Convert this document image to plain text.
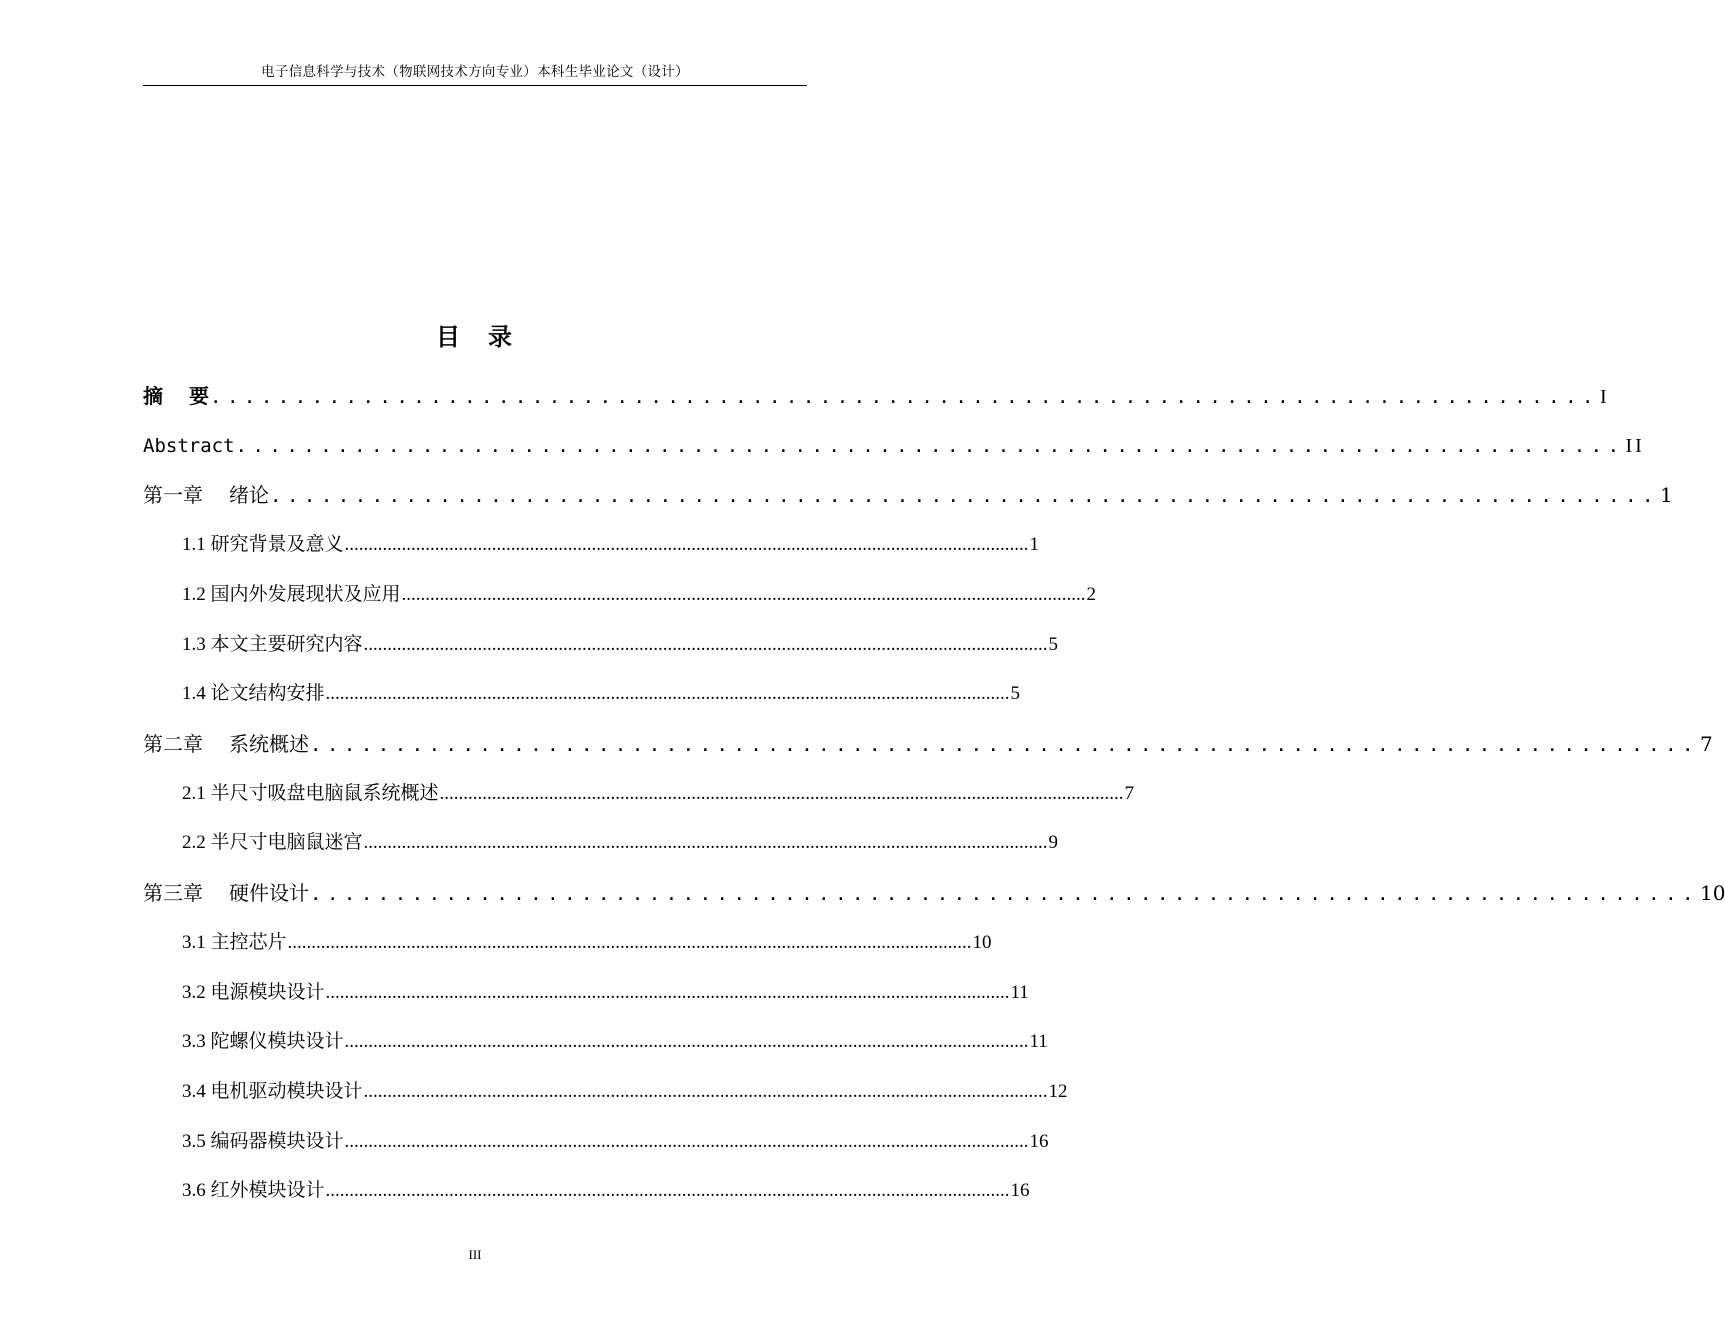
电子信息科学与技术（物联网技术方向专业）本科生毕业论文（设计）
目 录
摘 要 .................................................................................. I
Abstract .................................................................................. II
第一章 绪论 .................................................................................. 1
1.1 研究背景及意义 ................................................................................................................................................ 1
1.2 国内外发展现状及应用 ................................................................................................................................................ 2
1.3 本文主要研究内容 ................................................................................................................................................ 5
1.4 论文结构安排 ................................................................................................................................................ 5
第二章 系统概述 .................................................................................. 7
2.1 半尺寸吸盘电脑鼠系统概述 ................................................................................................................................................ 7
2.2 半尺寸电脑鼠迷宫 ................................................................................................................................................ 9
第三章 硬件设计 .................................................................................. 10
3.1 主控芯片 ................................................................................................................................................ 10
3.2 电源模块设计 ................................................................................................................................................ 11
3.3 陀螺仪模块设计 ................................................................................................................................................ 11
3.4 电机驱动模块设计 ................................................................................................................................................ 12
3.5 编码器模块设计 ................................................................................................................................................ 16
3.6 红外模块设计 ................................................................................................................................................ 16
III
